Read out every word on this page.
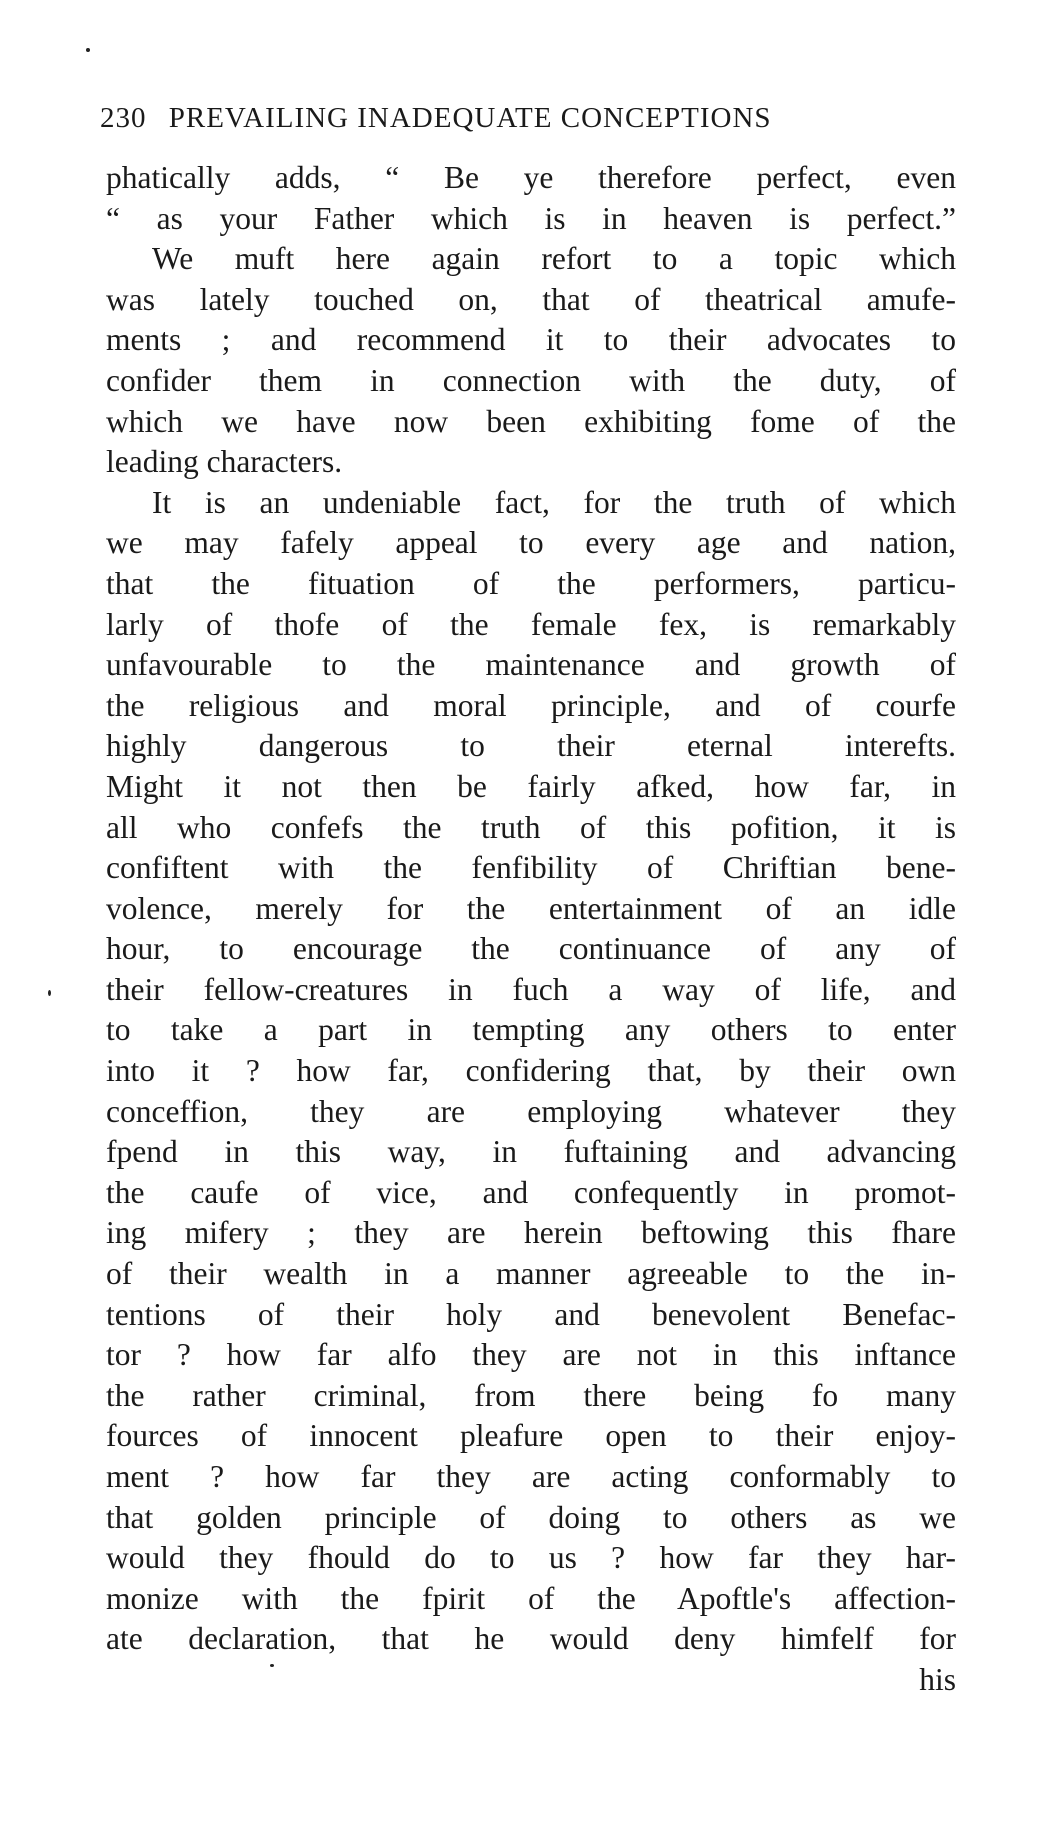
230 PREVAILING INADEQUATE CONCEPTIONS
phatically adds, “ Be ye therefore perfect, even
“ as your Father which is in heaven is perfect.”
We muft here again refort to a topic which
was lately touched on, that of theatrical amufe-
ments ; and recommend it to their advocates to
confider them in connection with the duty, of
which we have now been exhibiting fome of the
leading characters.
It is an undeniable fact, for the truth of which
we may fafely appeal to every age and nation,
that the fituation of the performers, particu-
larly of thofe of the female fex, is remarkably
unfavourable to the maintenance and growth of
the religious and moral principle, and of courfe
highly dangerous to their eternal interefts.
Might it not then be fairly afked, how far, in
all who confefs the truth of this pofition, it is
confiftent with the fenfibility of Chriftian bene-
volence, merely for the entertainment of an idle
hour, to encourage the continuance of any of
their fellow-creatures in fuch a way of life, and
to take a part in tempting any others to enter
into it ? how far, confidering that, by their own
conceffion, they are employing whatever they
fpend in this way, in fuftaining and advancing
the caufe of vice, and confequently in promot-
ing mifery ; they are herein beftowing this fhare
of their wealth in a manner agreeable to the in-
tentions of their holy and benevolent Benefac-
tor ? how far alfo they are not in this inftance
the rather criminal, from there being fo many
fources of innocent pleafure open to their enjoy-
ment ? how far they are acting conformably to
that golden principle of doing to others as we
would they fhould do to us ? how far they har-
monize with the fpirit of the Apoftle's affection-
ate declaration, that he would deny himfelf for
his
